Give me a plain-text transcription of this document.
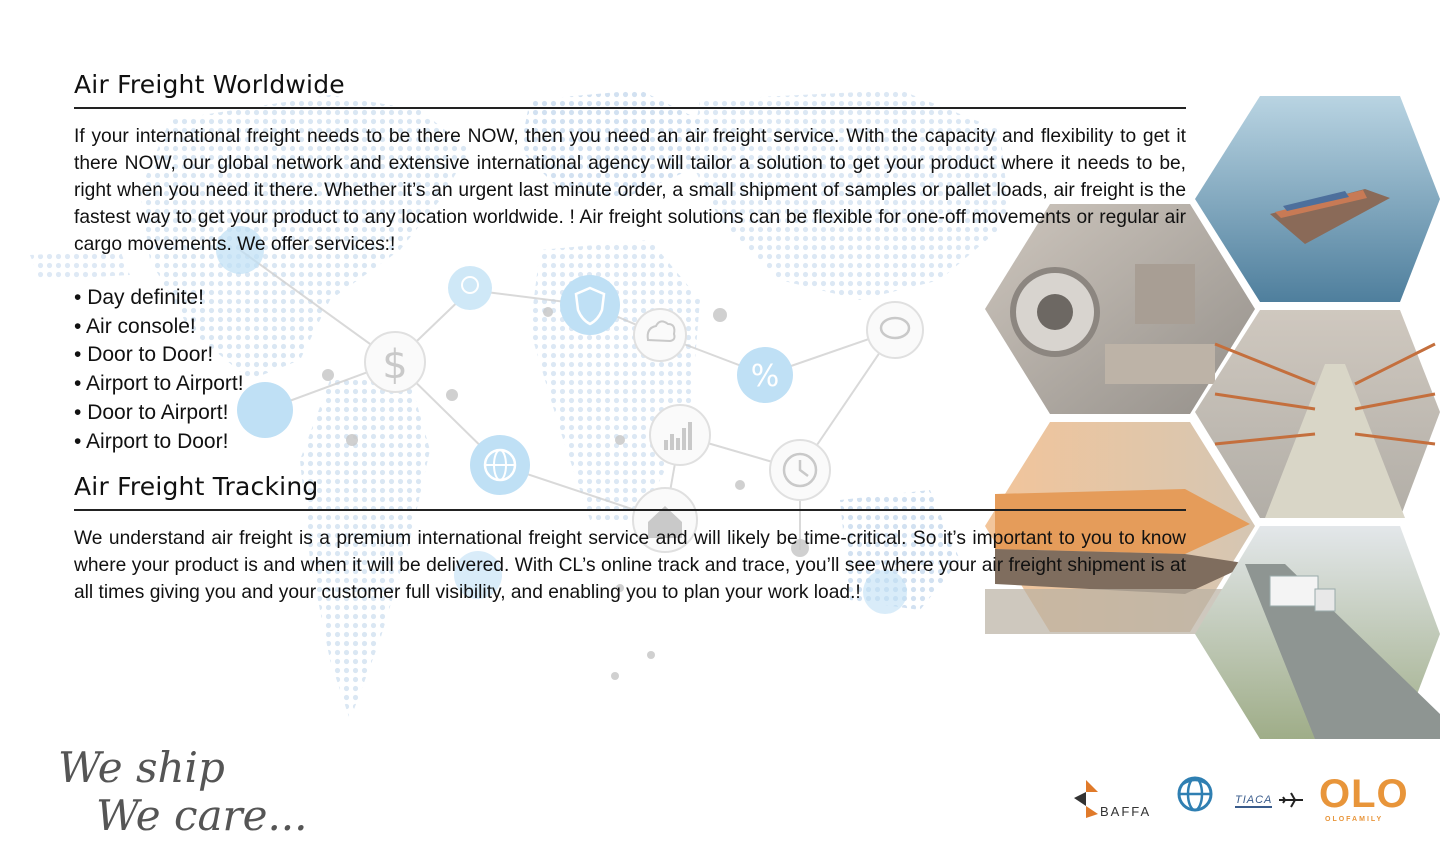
$	%
Air Freight Worldwide

If your international freight needs to be there NOW, then you need an air freight service. With the capacity and flexibility to get it there NOW, our global network and extensive international agency will tailor a solution to get your product where it needs to be, right when you need it there. Whether it’s an urgent last minute order, a small shipment of samples or pallet loads, air freight is the fastest way to get your product to any location worldwide. ! Air freight solutions can be flexible for one-off movements or regular air cargo movements. We offer services:!

• Day definite!
• Air console!
• Door to Door!
• Airport to Airport!
• Door to Airport!
• Airport to Door!
Air Freight Tracking

We understand air freight is a premium international freight service and will likely be time-critical. So it’s important to you to know where your product is and when it will be delivered. With CL’s online track and trace, you’ll see where your air freight shipment is at all times giving you and your customer full visibility, and enabling you to plan your work load.!

We ship
We care...	BAFFA
TIACA OLO
OLOFAMILY
